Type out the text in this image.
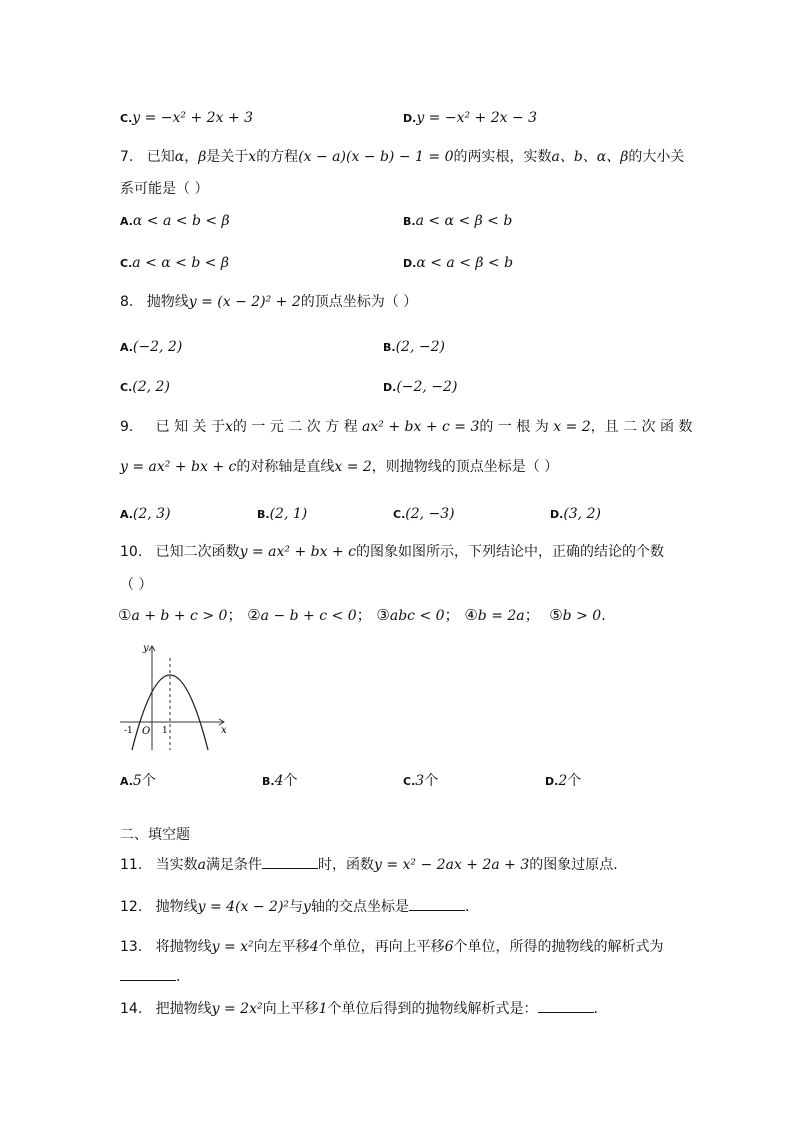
C.y = −x² + 2x + 3	D.y = −x² + 2x − 3
7. 已知α，β是关于x的方程(x − a)(x − b) − 1 = 0的两实根，实数a、b、α、β的大小关
系可能是（ ）
A.α < a < b < β	B.a < α < β < b
C.a < α < b < β	D.α < a < β < b
8. 抛物线y = (x − 2)² + 2的顶点坐标为（ ）
A.(−2, 2)	B.(2, −2)
C.(2, 2)	D.(−2, −2)
9. 已 知 关 于x的 一 元 二 次 方 程 ax² + bx + c = 3的 一 根 为 x = 2，且 二 次 函 数
y = ax² + bx + c的对称轴是直线x = 2，则抛物线的顶点坐标是（ ）
A.(2, 3)	B.(2, 1)	C.(2, −3)	D.(3, 2)
10. 已知二次函数y = ax² + bx + c的图象如图所示，下列结论中，正确的结论的个数
（ ）
①a + b + c > 0； ②a − b + c < 0； ③abc < 0； ④b = 2a； ⑤b > 0.
y
x
O
-1	1
A.5个	B.4个	C.3个	D.2个
二、填空题
11. 当实数a满足条件	时，函数y = x² − 2ax + 2a + 3的图象过原点.
12. 抛物线y = 4(x − 2)²与y轴的交点坐标是	.
13. 将抛物线y = x²向左平移4个单位，再向上平移6个单位，所得的抛物线的解析式为
.
14. 把抛物线y = 2x²向上平移1个单位后得到的抛物线解析式是：	.
